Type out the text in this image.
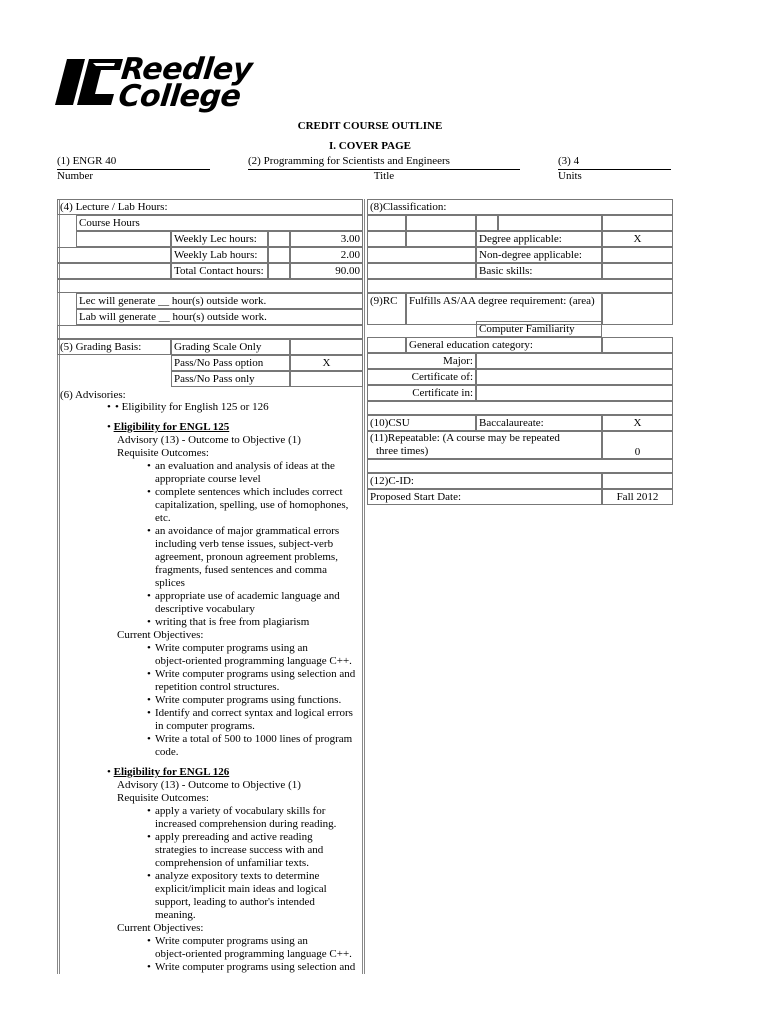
Reedley
College
CREDIT COURSE OUTLINE
I. COVER PAGE
(1) ENGR 40
Number
(2) Programming for Scientists and Engineers
Title
(3) 4
Units
(4) Lecture / Lab Hours:
Course Hours
Weekly Lec hours:	3.00
Weekly Lab hours:	2.00
Total Contact hours:	90.00
Lec will generate __ hour(s) outside work.
Lab will generate __ hour(s) outside work.
(5) Grading Basis:	Grading Scale Only
Pass/No Pass option	X
Pass/No Pass only
(6) Advisories:
• Eligibility for English 125 or 126
• Eligibility for ENGL 125
Advisory (13) - Outcome to Objective (1)
Requisite Outcomes:
• an evaluation and analysis of ideas at the
appropriate course level
• complete sentences which includes correct
capitalization, spelling, use of homophones,
etc.
• an avoidance of major grammatical errors
including verb tense issues, subject-verb
agreement, pronoun agreement problems,
fragments, fused sentences and comma
splices
• appropriate use of academic language and
descriptive vocabulary
• writing that is free from plagiarism
Current Objectives:
• Write computer programs using an
object-oriented programming language C++.
• Write computer programs using selection and
repetition control structures.
• Write computer programs using functions.
• Identify and correct syntax and logical errors
in computer programs.
• Write a total of 500 to 1000 lines of program
code.
• Eligibility for ENGL 126
Advisory (13) - Outcome to Objective (1)
Requisite Outcomes:
• apply a variety of vocabulary skills for
increased comprehension during reading.
• apply prereading and active reading
strategies to increase success with and
comprehension of unfamiliar texts.
• analyze expository texts to determine
explicit/implicit main ideas and logical
support, leading to author's intended
meaning.
Current Objectives:
• Write computer programs using an
object-oriented programming language C++.
• Write computer programs using selection and
(8)Classification:
Degree applicable:	X
Non-degree applicable:
Basic skills:
(9)RC	Fulfills AS/AA degree requirement: (area)
Computer Familiarity
General education category:
Major:
Certificate of:
Certificate in:
(10)CSU	Baccalaureate:	X
(11)Repeatable: (A course may be repeated
three times)	0
(12)C-ID:
Proposed Start Date:	Fall 2012
